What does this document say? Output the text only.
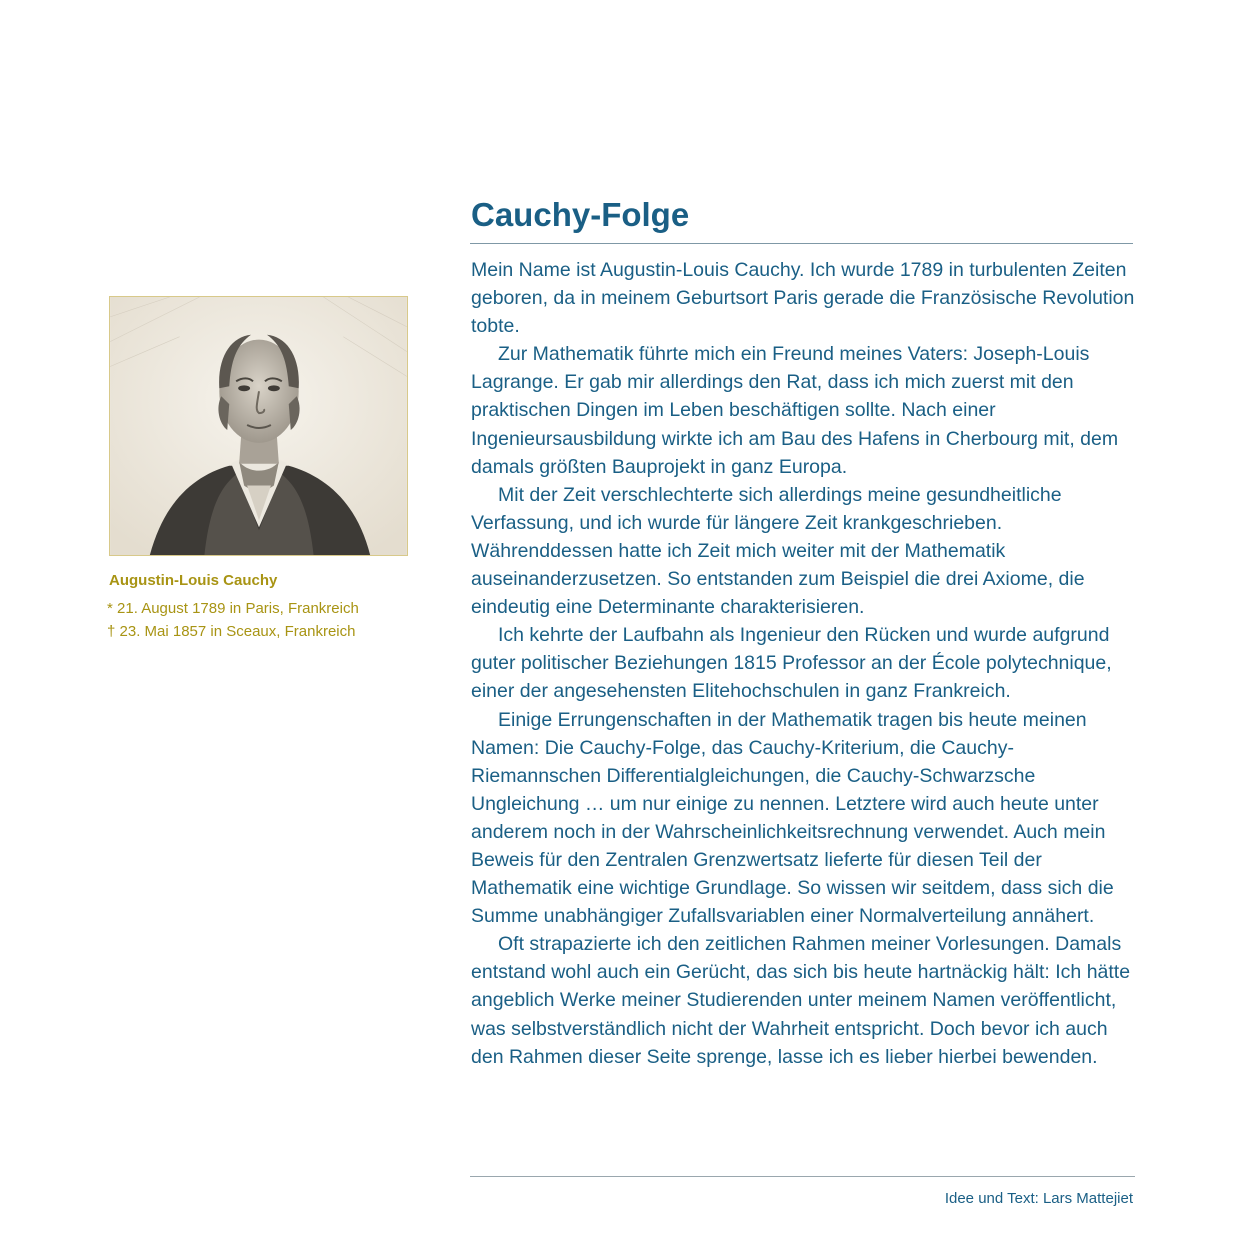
Augustin-Louis Cauchy
* 21. August 1789 in Paris, Frankreich
† 23. Mai 1857 in Sceaux, Frankreich
Cauchy-Folge

Mein Name ist Augustin-Louis Cauchy. Ich wurde 1789 in turbulenten Zeiten geboren, da in meinem Geburtsort Paris gerade die Französische Revolution tobte.

Zur Mathematik führte mich ein Freund meines Vaters: Joseph-Louis Lagrange. Er gab mir allerdings den Rat, dass ich mich zuerst mit den praktischen Dingen im Leben beschäftigen sollte. Nach einer Ingenieursausbildung wirkte ich am Bau des Hafens in Cherbourg mit, dem damals größten Bauprojekt in ganz Europa.

Mit der Zeit verschlechterte sich allerdings meine gesundheitliche Verfassung, und ich wurde für längere Zeit krankgeschrieben. Währenddessen hatte ich Zeit mich weiter mit der Mathematik auseinanderzusetzen. So entstanden zum Beispiel die drei Axiome, die eindeutig eine Determinante charakterisieren.

Ich kehrte der Laufbahn als Ingenieur den Rücken und wurde aufgrund guter politischer Beziehungen 1815 Professor an der École polytechnique, einer der angesehensten Elitehochschulen in ganz Frankreich.

Einige Errungenschaften in der Mathematik tragen bis heute meinen Namen: Die Cauchy-Folge, das Cauchy-Kriterium, die Cauchy-Riemannschen Differentialgleichungen, die Cauchy-Schwarzsche Ungleichung … um nur einige zu nennen. Letztere wird auch heute unter anderem noch in der Wahrscheinlichkeitsrechnung verwendet. Auch mein Beweis für den Zentralen Grenzwertsatz lieferte für diesen Teil der Mathematik eine wichtige Grundlage. So wissen wir seitdem, dass sich die Summe unabhängiger Zufallsvariablen einer Normalverteilung annähert.

Oft strapazierte ich den zeitlichen Rahmen meiner Vorlesungen. Damals entstand wohl auch ein Gerücht, das sich bis heute hartnäckig hält: Ich hätte angeblich Werke meiner Studierenden unter meinem Namen veröffentlicht, was selbstverständlich nicht der Wahrheit entspricht. Doch bevor ich auch den Rahmen dieser Seite sprenge, lasse ich es lieber hierbei bewenden.

Idee und Text: Lars Mattejiet
